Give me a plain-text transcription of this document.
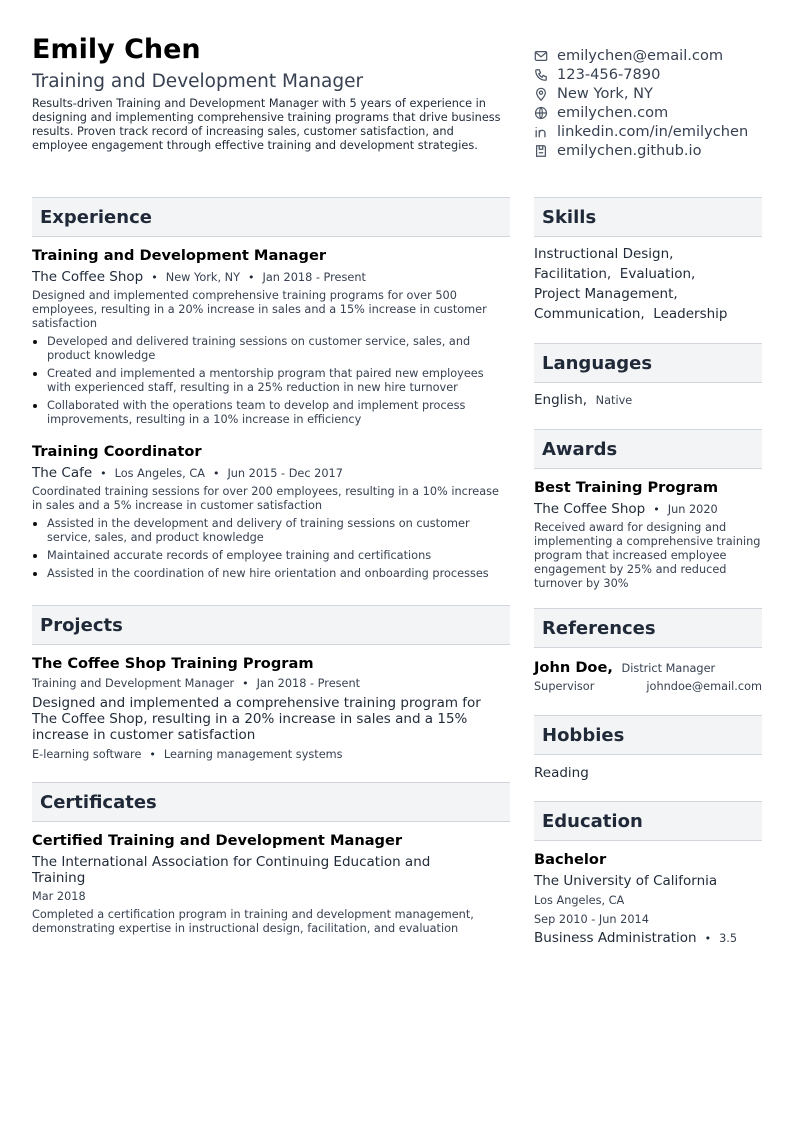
Emily Chen
Training and Development Manager
Results-driven Training and Development Manager with 5 years of experience in designing and implementing comprehensive training programs that drive business results. Proven track record of increasing sales, customer satisfaction, and employee engagement through effective training and development strategies.
emilychen@email.com
123-456-7890
New York, NY
emilychen.com
linkedin.com/in/emilychen
emilychen.github.io
Experience
Training and Development Manager
The Coffee Shop • New York, NY • Jan 2018 - Present
Designed and implemented comprehensive training programs for over 500 employees, resulting in a 20% increase in sales and a 15% increase in customer satisfaction
Developed and delivered training sessions on customer service, sales, and product knowledge
Created and implemented a mentorship program that paired new employees with experienced staff, resulting in a 25% reduction in new hire turnover
Collaborated with the operations team to develop and implement process improvements, resulting in a 10% increase in efficiency
Training Coordinator
The Cafe • Los Angeles, CA • Jun 2015 - Dec 2017
Coordinated training sessions for over 200 employees, resulting in a 10% increase in sales and a 5% increase in customer satisfaction
Assisted in the development and delivery of training sessions on customer service, sales, and product knowledge
Maintained accurate records of employee training and certifications
Assisted in the coordination of new hire orientation and onboarding processes
Projects
The Coffee Shop Training Program
Training and Development Manager • Jan 2018 - Present
Designed and implemented a comprehensive training program for The Coffee Shop, resulting in a 20% increase in sales and a 15% increase in customer satisfaction
E-learning software • Learning management systems
Certificates
Certified Training and Development Manager
The International Association for Continuing Education and Training
Mar 2018
Completed a certification program in training and development management, demonstrating expertise in instructional design, facilitation, and evaluation
Skills
Instructional Design,
Facilitation, Evaluation,
Project Management,
Communication, Leadership
Languages
English, Native
Awards
Best Training Program
The Coffee Shop • Jun 2020
Received award for designing and implementing a comprehensive training program that increased employee engagement by 25% and reduced turnover by 30%
References
John Doe, District Manager
Supervisor	johndoe@email.com
Hobbies
Reading
Education
Bachelor
The University of California
Los Angeles, CA
Sep 2010 - Jun 2014
Business Administration • 3.5
